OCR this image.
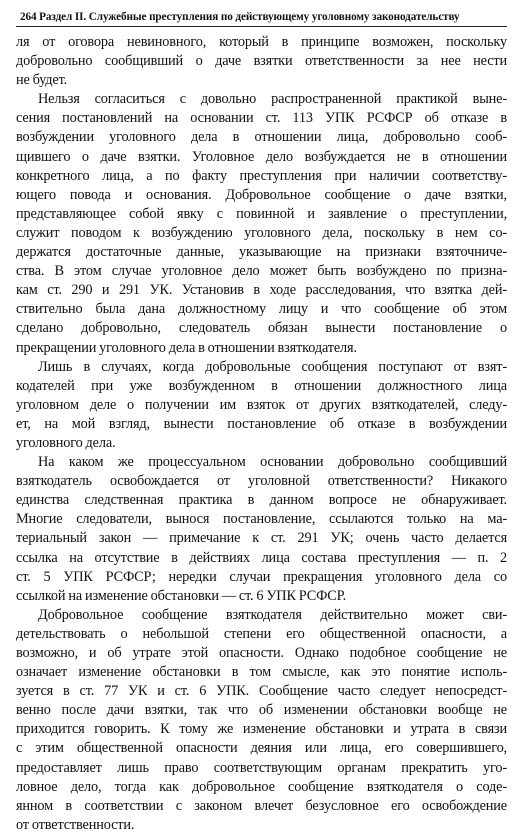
264 Раздел II. Служебные преступления по действующему уголовному законодательству
ля от оговора невиновного, который в принципе возможен, поскольку
добровольно сообщивший о даче взятки ответственности за нее нести
не будет.
Нельзя согласиться с довольно распространенной практикой выне-
сения постановлений на основании ст. 113 УПК РСФСР об отказе в
возбуждении уголовного дела в отношении лица, добровольно сооб-
щившего о даче взятки. Уголовное дело возбуждается не в отношении
конкретного лица, а по факту преступления при наличии соответству-
ющего повода и основания. Добровольное сообщение о даче взятки,
представляющее собой явку с повинной и заявление о преступлении,
служит поводом к возбуждению уголовного дела, поскольку в нем со-
держатся достаточные данные, указывающие на признаки взяточниче-
ства. В этом случае уголовное дело может быть возбуждено по призна-
кам ст. 290 и 291 УК. Установив в ходе расследования, что взятка дей-
ствительно была дана должностному лицу и что сообщение об этом
сделано добровольно, следователь обязан вынести постановление о
прекращении уголовного дела в отношении взяткодателя.
Лишь в случаях, когда добровольные сообщения поступают от взят-
кодателей при уже возбужденном в отношении должностного лица
уголовном деле о получении им взяток от других взяткодателей, следу-
ет, на мой взгляд, вынести постановление об отказе в возбуждении
уголовного дела.
На каком же процессуальном основании добровольно сообщивший
взяткодатель освобождается от уголовной ответственности? Никакого
единства следственная практика в данном вопросе не обнаруживает.
Многие следователи, вынося постановление, ссылаются только на ма-
териальный закон — примечание к ст. 291 УК; очень часто делается
ссылка на отсутствие в действиях лица состава преступления — п. 2
ст. 5 УПК РСФСР; нередки случаи прекращения уголовного дела со
ссылкой на изменение обстановки — ст. 6 УПК РСФСР.
Добровольное сообщение взяткодателя действительно может сви-
детельствовать о небольшой степени его общественной опасности, а
возможно, и об утрате этой опасности. Однако подобное сообщение не
означает изменение обстановки в том смысле, как это понятие исполь-
зуется в ст. 77 УК и ст. 6 УПК. Сообщение часто следует непосредст-
венно после дачи взятки, так что об изменении обстановки вообще не
приходится говорить. К тому же изменение обстановки и утрата в связи
с этим общественной опасности деяния или лица, его совершившего,
предоставляет лишь право соответствующим органам прекратить уго-
ловное дело, тогда как добровольное сообщение взяткодателя о соде-
янном в соответствии с законом влечет безусловное его освобождение
от ответственности.
